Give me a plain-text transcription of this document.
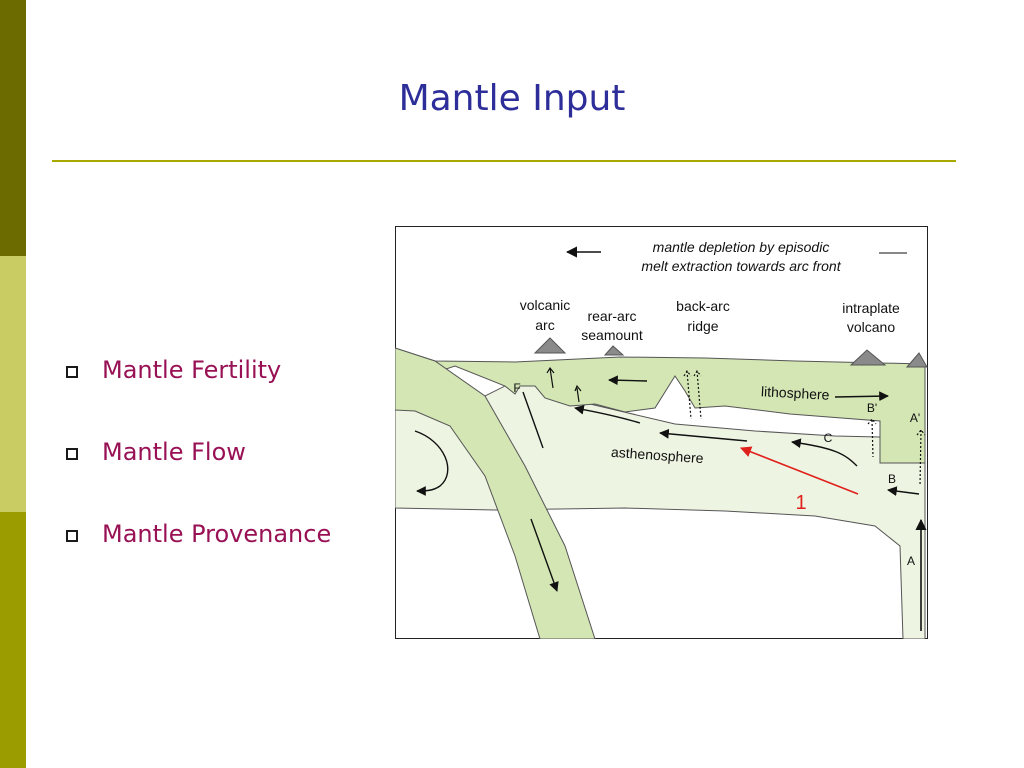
Mantle Input
Mantle Fertility
Mantle Flow
Mantle Provenance
mantle depletion by episodic
melt extraction towards arc front
volcanic
arc
rear-arc
seamount
back-arc
ridge
intraplate
volcano
lithosphere
asthenosphere
F
B'
A'
C
B
A
1
